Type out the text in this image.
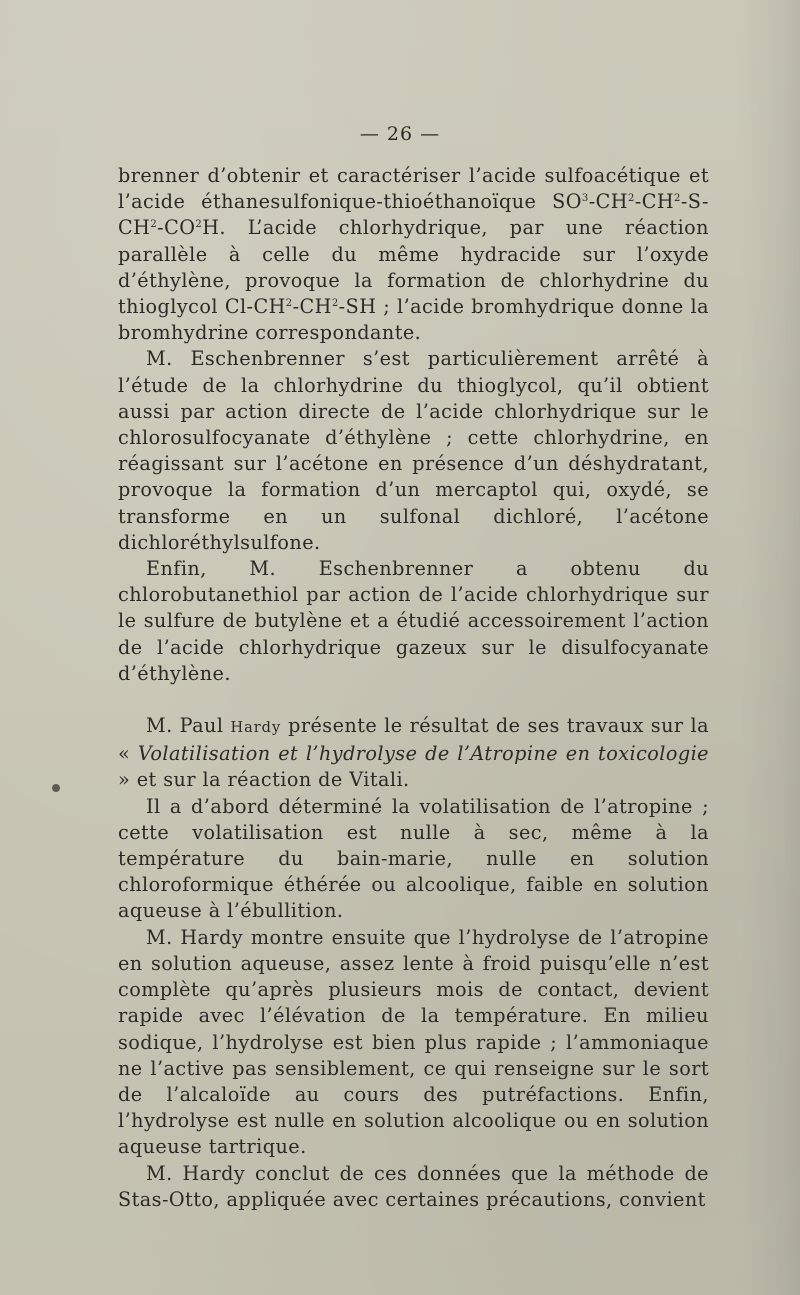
— 26 —

brenner d’obtenir et caractériser l’acide sulfoacétique et l’acide éthanesulfonique-thioéthanoïque $SO^3-CH^2-CH^2-S-CH^2-CO^2H$. L’acide chlorhydrique, par une réaction parallèle à celle du même hydracide sur l’oxyde d’éthylène, provoque la formation de chlorhydrine du thioglycol $Cl-CH^2-CH^2-SH$ ; l’acide bromhydrique donne la bromhydrine correspondante.

M. Eschenbrenner s’est particulièrement arrêté à l’étude de la chlorhydrine du thioglycol, qu’il obtient aussi par action directe de l’acide chlorhydrique sur le chlorosulfocyanate d’éthylène ; cette chlorhydrine, en réagissant sur l’acétone en présence d’un déshydratant, provoque la formation d’un mercaptol qui, oxydé, se transforme en un sulfonal dichloré, l’acétone dichloréthylsulfone.

Enfin, M. Eschenbrenner a obtenu du chlorobutanethiol par action de l’acide chlorhydrique sur le sulfure de butylène et a étudié accessoirement l’action de l’acide chlorhydrique gazeux sur le disulfocyanate d’éthylène.

M. Paul Hardy présente le résultat de ses travaux sur la « Volatilisation et l’hydrolyse de l’Atropine en toxicologie » et sur la réaction de Vitali.

Il a d’abord déterminé la volatilisation de l’atropine ; cette volatilisation est nulle à sec, même à la température du bain-marie, nulle en solution chloroformique éthérée ou alcoolique, faible en solution aqueuse à l’ébullition.

M. Hardy montre ensuite que l’hydrolyse de l’atropine en solution aqueuse, assez lente à froid puisqu’elle n’est complète qu’après plusieurs mois de contact, devient rapide avec l’élévation de la température. En milieu sodique, l’hydrolyse est bien plus rapide ; l’ammoniaque ne l’active pas sensiblement, ce qui renseigne sur le sort de l’alcaloïde au cours des putréfactions. Enfin, l’hydrolyse est nulle en solution alcoolique ou en solution aqueuse tartrique.

M. Hardy conclut de ces données que la méthode de Stas-Otto, appliquée avec certaines précautions, convient
